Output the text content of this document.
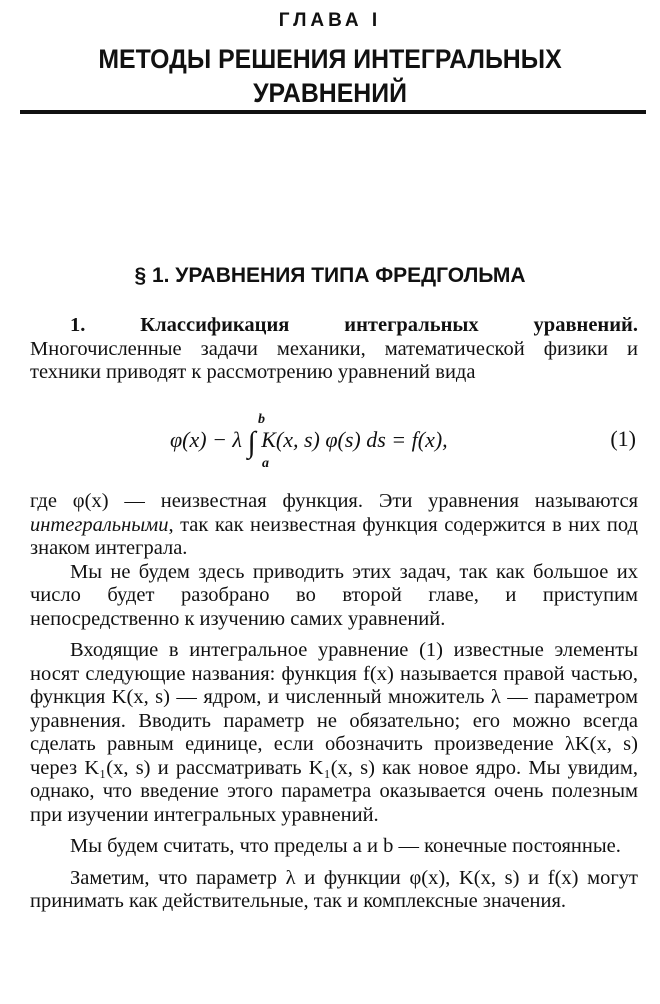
ГЛАВА I
МЕТОДЫ РЕШЕНИЯ ИНТЕГРАЛЬНЫХ
УРАВНЕНИЙ
§ 1. УРАВНЕНИЯ ТИПА ФРЕДГОЛЬМА

1. Классификация интегральных уравнений. Многочисленные задачи механики, математической физики и техники приводят к рассмотрению уравнений вида

b
φ(x) − λ ∫ K(x, s) φ(s) ds = f(x),
a
(1)

где φ(x) — неизвестная функция. Эти уравнения называются интегральными, так как неизвестная функция содержится в них под знаком интеграла.

Мы не будем здесь приводить этих задач, так как большое их число будет разобрано во второй главе, и приступим непосредственно к изучению самих уравнений.

Входящие в интегральное уравнение (1) известные элементы носят следующие названия: функция f(x) называется правой частью, функция K(x, s) — ядром, и численный множитель λ — параметром уравнения. Вводить параметр не обязательно; его можно всегда сделать равным единице, если обозначить произведение λK(x, s) через K₁(x, s) и рассматривать K₁(x, s) как новое ядро. Мы увидим, однако, что введение этого параметра оказывается очень полезным при изучении интегральных уравнений.

Мы будем считать, что пределы a и b — конечные постоянные.

Заметим, что параметр λ и функции φ(x), K(x, s) и f(x) могут принимать как действительные, так и комплексные значения.
